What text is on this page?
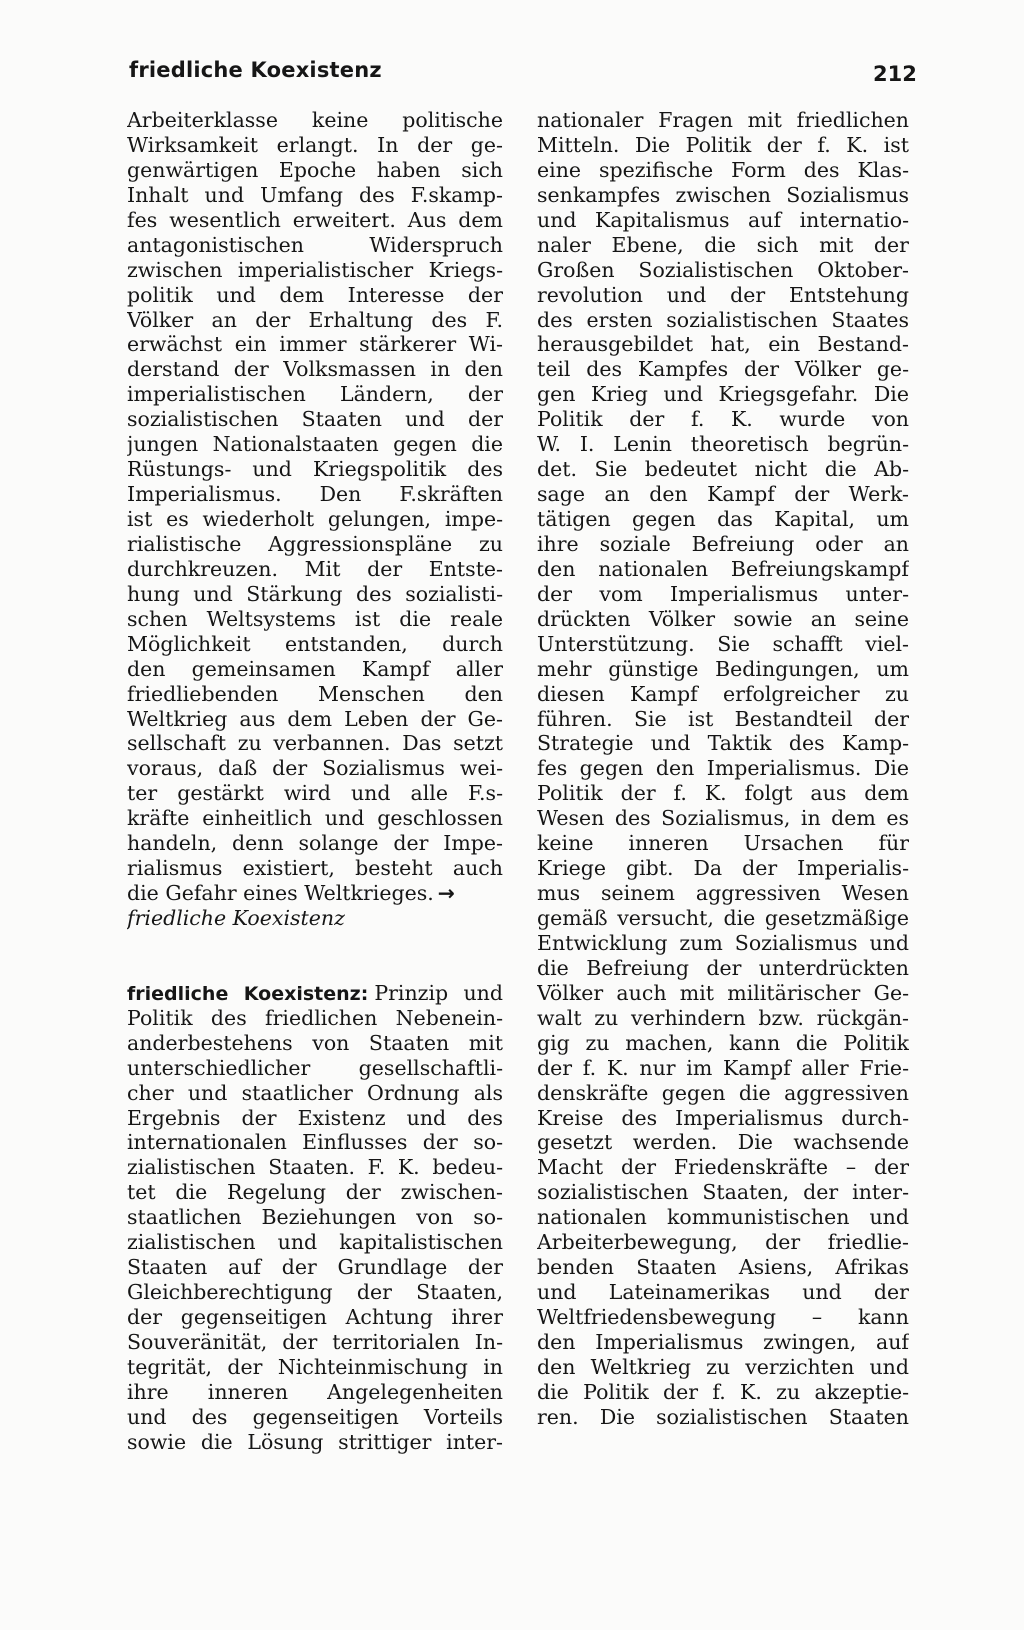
friedliche Koexistenz	212
Arbeiterklasse keine politische
Wirksamkeit erlangt. In der ge-
genwärtigen Epoche haben sich
Inhalt und Umfang des F.skamp-
fes wesentlich erweitert. Aus dem
antagonistischen Widerspruch
zwischen imperialistischer Kriegs-
politik und dem Interesse der
Völker an der Erhaltung des F.
erwächst ein immer stärkerer Wi-
derstand der Volksmassen in den
imperialistischen Ländern, der
sozialistischen Staaten und der
jungen Nationalstaaten gegen die
Rüstungs- und Kriegspolitik des
Imperialismus. Den F.skräften
ist es wiederholt gelungen, impe-
rialistische Aggressionspläne zu
durchkreuzen. Mit der Entste-
hung und Stärkung des sozialisti-
schen Weltsystems ist die reale
Möglichkeit entstanden, durch
den gemeinsamen Kampf aller
friedliebenden Menschen den
Weltkrieg aus dem Leben der Ge-
sellschaft zu verbannen. Das setzt
voraus, daß der Sozialismus wei-
ter gestärkt wird und alle F.s-
kräfte einheitlich und geschlossen
handeln, denn solange der Impe-
rialismus existiert, besteht auch
die Gefahr eines Weltkrieges. →
friedliche Koexistenz
friedliche Koexistenz: Prinzip und
Politik des friedlichen Nebenein-
anderbestehens von Staaten mit
unterschiedlicher gesellschaftli-
cher und staatlicher Ordnung als
Ergebnis der Existenz und des
internationalen Einflusses der so-
zialistischen Staaten. F. K. bedeu-
tet die Regelung der zwischen-
staatlichen Beziehungen von so-
zialistischen und kapitalistischen
Staaten auf der Grundlage der
Gleichberechtigung der Staaten,
der gegenseitigen Achtung ihrer
Souveränität, der territorialen In-
tegrität, der Nichteinmischung in
ihre inneren Angelegenheiten
und des gegenseitigen Vorteils
sowie die Lösung strittiger inter-
nationaler Fragen mit friedlichen
Mitteln. Die Politik der f. K. ist
eine spezifische Form des Klas-
senkampfes zwischen Sozialismus
und Kapitalismus auf internatio-
naler Ebene, die sich mit der
Großen Sozialistischen Oktober-
revolution und der Entstehung
des ersten sozialistischen Staates
herausgebildet hat, ein Bestand-
teil des Kampfes der Völker ge-
gen Krieg und Kriegsgefahr. Die
Politik der f. K. wurde von
W. I. Lenin theoretisch begrün-
det. Sie bedeutet nicht die Ab-
sage an den Kampf der Werk-
tätigen gegen das Kapital, um
ihre soziale Befreiung oder an
den nationalen Befreiungskampf
der vom Imperialismus unter-
drückten Völker sowie an seine
Unterstützung. Sie schafft viel-
mehr günstige Bedingungen, um
diesen Kampf erfolgreicher zu
führen. Sie ist Bestandteil der
Strategie und Taktik des Kamp-
fes gegen den Imperialismus. Die
Politik der f. K. folgt aus dem
Wesen des Sozialismus, in dem es
keine inneren Ursachen für
Kriege gibt. Da der Imperialis-
mus seinem aggressiven Wesen
gemäß versucht, die gesetzmäßige
Entwicklung zum Sozialismus und
die Befreiung der unterdrückten
Völker auch mit militärischer Ge-
walt zu verhindern bzw. rückgän-
gig zu machen, kann die Politik
der f. K. nur im Kampf aller Frie-
denskräfte gegen die aggressiven
Kreise des Imperialismus durch-
gesetzt werden. Die wachsende
Macht der Friedenskräfte – der
sozialistischen Staaten, der inter-
nationalen kommunistischen und
Arbeiterbewegung, der friedlie-
benden Staaten Asiens, Afrikas
und Lateinamerikas und der
Weltfriedensbewegung – kann
den Imperialismus zwingen, auf
den Weltkrieg zu verzichten und
die Politik der f. K. zu akzeptie-
ren. Die sozialistischen Staaten
